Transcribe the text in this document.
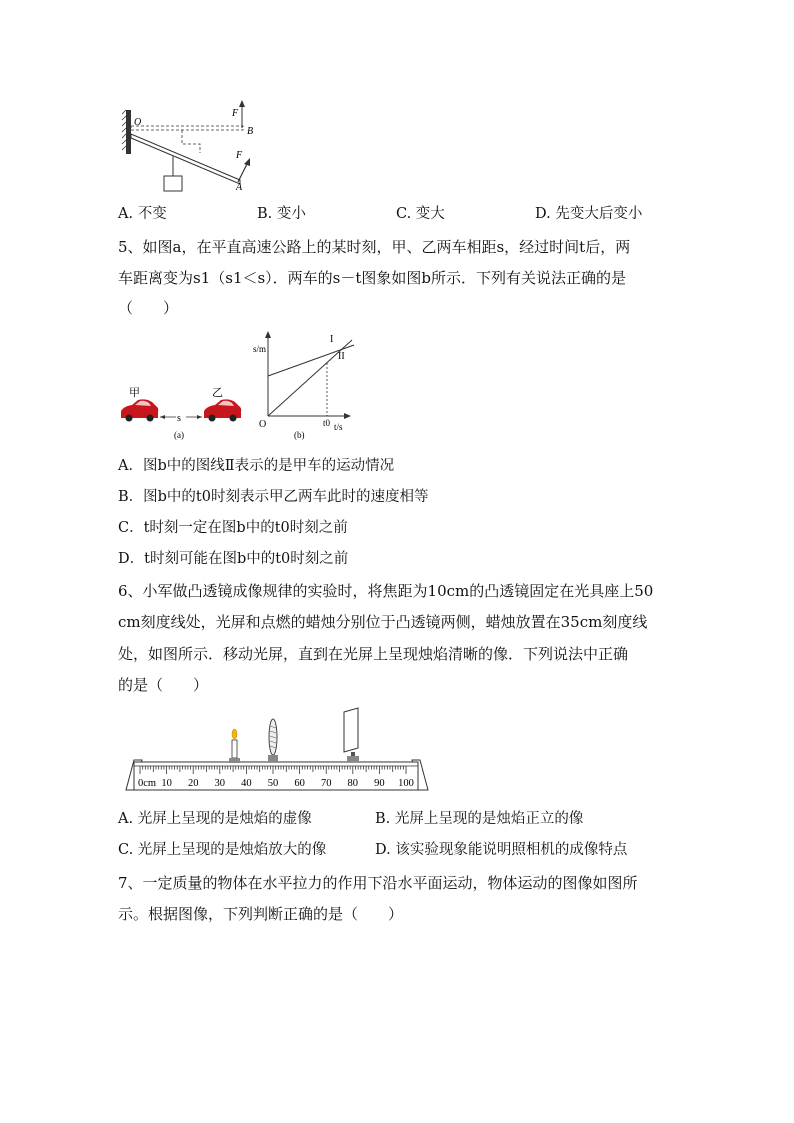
O
F
B
F
A
A. 不变	B. 变小	C. 变大	D. 先变大后变小
5、如图a，在平直高速公路上的某时刻，甲、乙两车相距s，经过时间t后，两
车距离变为s1（s1＜s）．两车的s－t图象如图b所示．下列有关说法正确的是
（　　）
甲	乙
s
(a)
s/m
I
II
O	t0 t/s
(b)
A．图b中的图线Ⅱ表示的是甲车的运动情况
B．图b中的t0时刻表示甲乙两车此时的速度相等
C．t时刻一定在图b中的t0时刻之前
D．t时刻可能在图b中的t0时刻之前
6、小军做凸透镜成像规律的实验时，将焦距为10cm的凸透镜固定在光具座上50
cm刻度线处，光屏和点燃的蜡烛分别位于凸透镜两侧，蜡烛放置在35cm刻度线
处，如图所示．移动光屏，直到在光屏上呈现烛焰清晰的像．下列说法中正确
的是（　　）
0cm 10 20 30 40 50 60 70 80 90 100
A. 光屏上呈现的是烛焰的虚像	B. 光屏上呈现的是烛焰正立的像
C. 光屏上呈现的是烛焰放大的像	D. 该实验现象能说明照相机的成像特点
7、一定质量的物体在水平拉力的作用下沿水平面运动，物体运动的图像如图所
示。根据图像，下列判断正确的是（　　）
